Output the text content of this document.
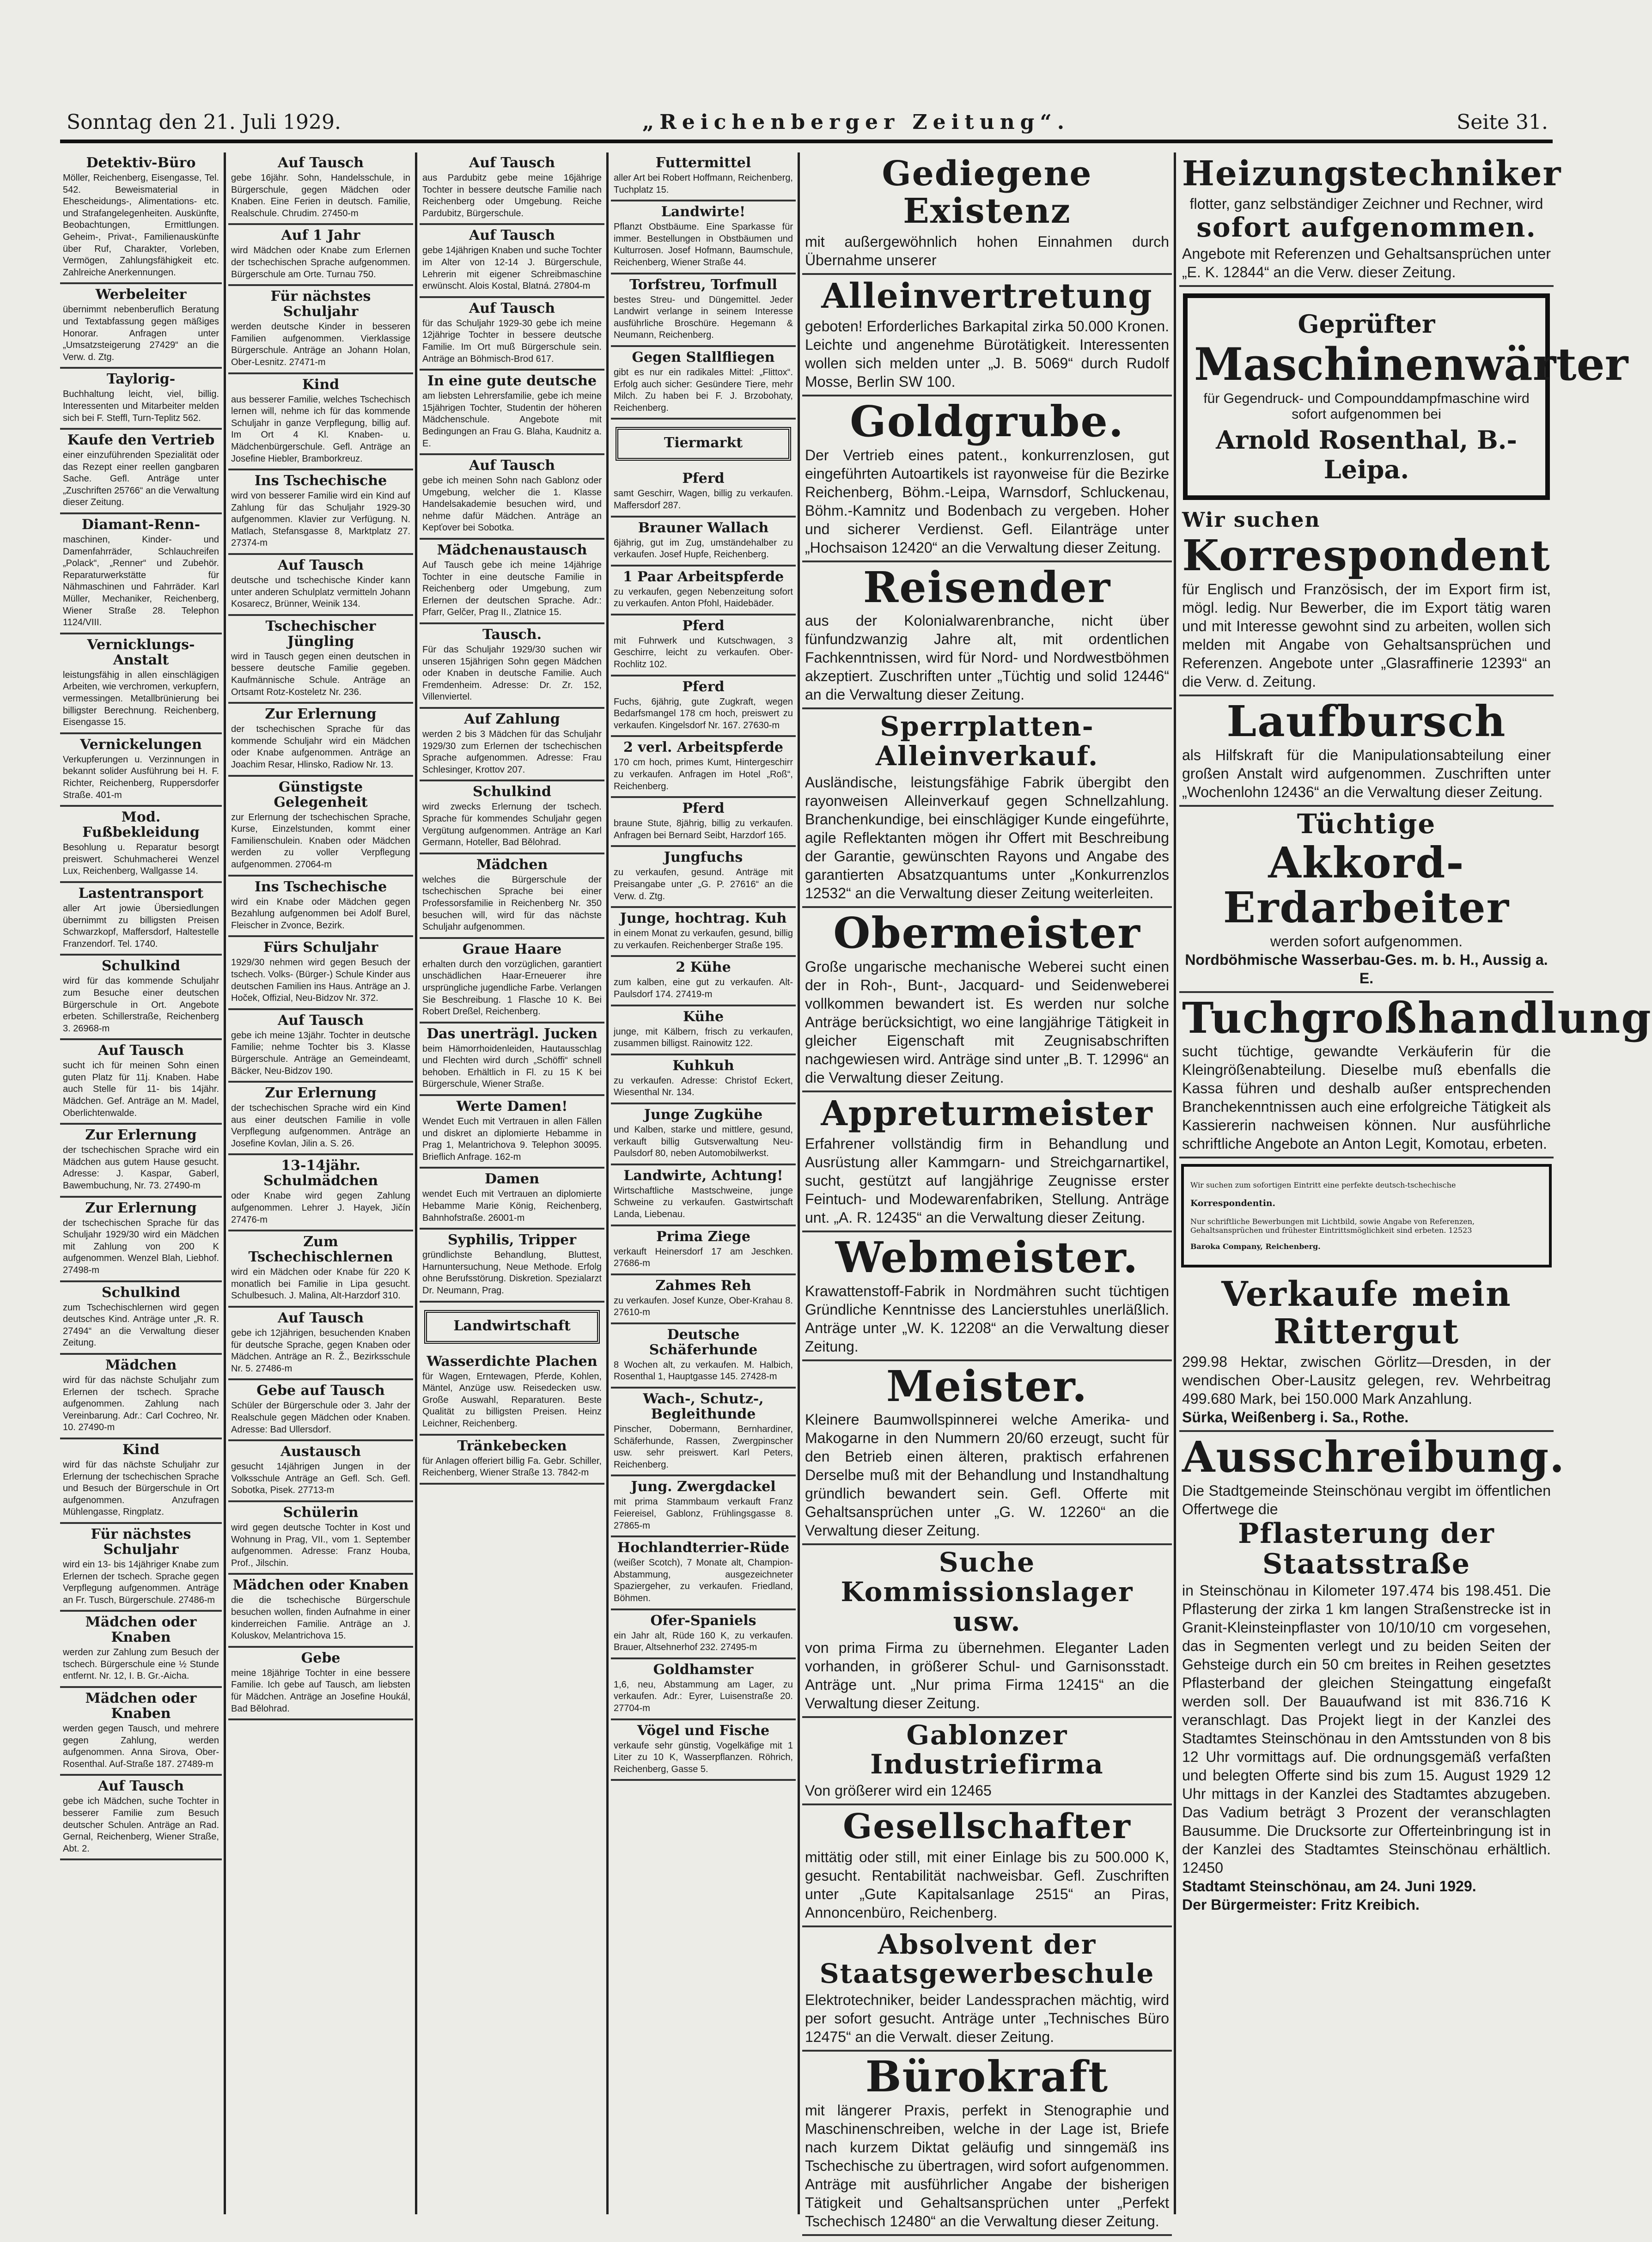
Sonntag den 21. Juli 1929.	„Reichenberger Zeitung“.	Seite 31.
Detektiv-Büro

Möller, Reichenberg, Eisengasse, Tel. 542. Beweismaterial in Ehescheidungs-, Alimentations- etc. und Strafangelegenheiten. Auskünfte, Beobachtungen, Ermittlungen. Geheim-, Privat-, Familienauskünfte über Ruf, Charakter, Vorleben, Vermögen, Zahlungsfähigkeit etc. Zahlreiche Anerkennungen.

Werbeleiter

übernimmt nebenberuflich Beratung und Textabfassung gegen mäßiges Honorar. Anfragen unter „Umsatzsteigerung 27429“ an die Verw. d. Ztg.

Taylorig-

Buchhaltung leicht, viel, billig. Interessenten und Mitarbeiter melden sich bei F. Steffl, Turn-Teplitz 562.

Kaufe den Vertrieb

einer einzuführenden Spezialität oder das Rezept einer reellen gangbaren Sache. Gefl. Anträge unter „Zuschriften 25766“ an die Verwaltung dieser Zeitung.

Diamant-Renn-

maschinen, Kinder- und Damenfahrräder, Schlauchreifen „Polack“, „Renner“ und Zubehör. Reparaturwerkstätte für Nähmaschinen und Fahrräder. Karl Müller, Mechaniker, Reichenberg, Wiener Straße 28. Telephon 1124/VIII.

Vernicklungs-Anstalt

leistungsfähig in allen einschlägigen Arbeiten, wie verchromen, verkupfern, vermessingen. Metallbrünierung bei billigster Berechnung. Reichenberg, Eisengasse 15.

Vernickelungen

Verkupferungen u. Verzinnungen in bekannt solider Ausführung bei H. F. Richter, Reichenberg, Ruppersdorfer Straße. 401-m

Mod. Fußbekleidung

Besohlung u. Reparatur besorgt preiswert. Schuhmacherei Wenzel Lux, Reichenberg, Wallgasse 14.

Lastentransport

aller Art jowie Übersiedlungen übernimmt zu billigsten Preisen Schwarzkopf, Maffersdorf, Haltestelle Franzendorf. Tel. 1740.

Schulkind

wird für das kommende Schuljahr zum Besuche einer deutschen Bürgerschule in Ort. Angebote erbeten. Schillerstraße, Reichenberg 3. 26968-m

Auf Tausch

sucht ich für meinen Sohn einen guten Platz für 11j. Knaben. Habe auch Stelle für 11- bis 14jähr. Mädchen. Gef. Anträge an M. Madel, Oberlichtenwalde.

Zur Erlernung

der tschechischen Sprache wird ein Mädchen aus gutem Hause gesucht. Adresse: J. Kaspar, Gaberl, Bawembuchung, Nr. 73. 27490-m

Zur Erlernung

der tschechischen Sprache für das Schuljahr 1929/30 wird ein Mädchen mit Zahlung von 200 K aufgenommen. Wenzel Blah, Liebhof. 27498-m

Schulkind

zum Tschechischlernen wird gegen deutsches Kind. Anträge unter „R. R. 27494“ an die Verwaltung dieser Zeitung.

Mädchen

wird für das nächste Schuljahr zum Erlernen der tschech. Sprache aufgenommen. Zahlung nach Vereinbarung. Adr.: Carl Cochreo, Nr. 10. 27490-m

Kind

wird für das nächste Schuljahr zur Erlernung der tschechischen Sprache und Besuch der Bürgerschule in Ort aufgenommen. Anzufragen Mühlengasse, Ringplatz.

Für nächstes Schuljahr

wird ein 13- bis 14jähriger Knabe zum Erlernen der tschech. Sprache gegen Verpflegung aufgenommen. Anträge an Fr. Tusch, Bürgerschule. 27486-m

Mädchen oder Knaben

werden zur Zahlung zum Besuch der tschech. Bürgerschule eine ½ Stunde entfernt. Nr. 12, I. B. Gr.-Aicha.

Mädchen oder Knaben

werden gegen Tausch, und mehrere gegen Zahlung, werden aufgenommen. Anna Sirova, Ober-Rosenthal. Auf-Straße 187. 27489-m

Auf Tausch

gebe ich Mädchen, suche Tochter in besserer Familie zum Besuch deutscher Schulen. Anträge an Rad. Gernal, Reichenberg, Wiener Straße, Abt. 2.

Auf Tausch

gebe 16jähr. Sohn, Handelsschule, in Bürgerschule, gegen Mädchen oder Knaben. Eine Ferien in deutsch. Familie, Realschule. Chrudim. 27450-m

Auf 1 Jahr

wird Mädchen oder Knabe zum Erlernen der tschechischen Sprache aufgenommen. Bürgerschule am Orte. Turnau 750.

Für nächstes Schuljahr

werden deutsche Kinder in besseren Familien aufgenommen. Vierklassige Bürgerschule. Anträge an Johann Holan, Ober-Lesnitz. 27471-m

Kind

aus besserer Familie, welches Tschechisch lernen will, nehme ich für das kommende Schuljahr in ganze Verpflegung, billig auf. Im Ort 4 Kl. Knaben- u. Mädchenbürgerschule. Gefl. Anträge an Josefine Hiebler, Bramborkreuz.

Ins Tschechische

wird von besserer Familie wird ein Kind auf Zahlung für das Schuljahr 1929-30 aufgenommen. Klavier zur Verfügung. N. Matlach, Stefansgasse 8, Marktplatz 27. 27374-m

Auf Tausch

deutsche und tschechische Kinder kann unter anderen Schulplatz vermitteln Johann Kosarecz, Brünner, Weinik 134.

Tschechischer Jüngling

wird in Tausch gegen einen deutschen in bessere deutsche Familie gegeben. Kaufmännische Schule. Anträge an Ortsamt Rotz-Kosteletz Nr. 236.

Zur Erlernung

der tschechischen Sprache für das kommende Schuljahr wird ein Mädchen oder Knabe aufgenommen. Anträge an Joachim Resar, Hlinsko, Radiow Nr. 13.

Günstigste Gelegenheit

zur Erlernung der tschechischen Sprache, Kurse, Einzelstunden, kommt einer Familienschulein. Knaben oder Mädchen werden zu voller Verpflegung aufgenommen. 27064-m

Ins Tschechische

wird ein Knabe oder Mädchen gegen Bezahlung aufgenommen bei Adolf Burel, Fleischer in Zvonce, Bezirk.

Fürs Schuljahr

1929/30 nehmen wird gegen Besuch der tschech. Volks- (Bürger-) Schule Kinder aus deutschen Familien ins Haus. Anträge an J. Hoček, Offizial, Neu-Bidzov Nr. 372.

Auf Tausch

gebe ich meine 13jähr. Tochter in deutsche Familie; nehme Tochter bis 3. Klasse Bürgerschule. Anträge an Gemeindeamt, Bäcker, Neu-Bidzov 190.

Zur Erlernung

der tschechischen Sprache wird ein Kind aus einer deutschen Familie in volle Verpflegung aufgenommen. Anträge an Josefine Kovlan, Jilin a. S. 26.

13-14jähr. Schulmädchen

oder Knabe wird gegen Zahlung aufgenommen. Lehrer J. Hayek, Jičín 27476-m

Zum Tschechischlernen

wird ein Mädchen oder Knabe für 220 K monatlich bei Familie in Lipa gesucht. Schulbesuch. J. Malina, Alt-Harzdorf 310.

Auf Tausch

gebe ich 12jährigen, besuchenden Knaben für deutsche Sprache, gegen Knaben oder Mädchen. Anträge an R. Ž., Bezirksschule Nr. 5. 27486-m

Gebe auf Tausch

Schüler der Bürgerschule oder 3. Jahr der Realschule gegen Mädchen oder Knaben. Adresse: Bad Ullersdorf.

Austausch

gesucht 14jährigen Jungen in der Volksschule Anträge an Gefl. Sch. Gefl. Sobotka, Pisek. 27713-m

Schülerin

wird gegen deutsche Tochter in Kost und Wohnung in Prag, VII., vom 1. September aufgenommen. Adresse: Franz Houba, Prof., Jilschin.

Mädchen oder Knaben

die die tschechische Bürgerschule besuchen wollen, finden Aufnahme in einer kinderreichen Familie. Anträge an J. Koluskov, Melantrichova 15.

Gebe

meine 18jährige Tochter in eine bessere Familie. Ich gebe auf Tausch, am liebsten für Mädchen. Anträge an Josefine Houkál, Bad Bělohrad.

Auf Tausch

aus Pardubitz gebe meine 16jährige Tochter in bessere deutsche Familie nach Reichenberg oder Umgebung. Reiche Pardubitz, Bürgerschule.

Auf Tausch

gebe 14jährigen Knaben und suche Tochter im Alter von 12-14 J. Bürgerschule, Lehrerin mit eigener Schreibmaschine erwünscht. Alois Kostal, Blatná. 27804-m

Auf Tausch

für das Schuljahr 1929-30 gebe ich meine 12jährige Tochter in bessere deutsche Familie. Im Ort muß Bürgerschule sein. Anträge an Böhmisch-Brod 617.

In eine gute deutsche

am liebsten Lehrersfamilie, gebe ich meine 15jährigen Tochter, Studentin der höheren Mädchenschule. Angebote mit Bedingungen an Frau G. Blaha, Kaudnitz a. E.

Auf Tausch

gebe ich meinen Sohn nach Gablonz oder Umgebung, welcher die 1. Klasse Handelsakademie besuchen wird, und nehme dafür Mädchen. Anträge an Kepťover bei Sobotka.

Mädchenaustausch

Auf Tausch gebe ich meine 14jährige Tochter in eine deutsche Familie in Reichenberg oder Umgebung, zum Erlernen der deutschen Sprache. Adr.: Pfarr, Gelčer, Prag II., Zlatnice 15.

Tausch.

Für das Schuljahr 1929/30 suchen wir unseren 15jährigen Sohn gegen Mädchen oder Knaben in deutsche Familie. Auch Fremdenheim. Adresse: Dr. Zr. 152, Villenviertel.

Auf Zahlung

werden 2 bis 3 Mädchen für das Schuljahr 1929/30 zum Erlernen der tschechischen Sprache aufgenommen. Adresse: Frau Schlesinger, Krottov 207.

Schulkind

wird zwecks Erlernung der tschech. Sprache für kommendes Schuljahr gegen Vergütung aufgenommen. Anträge an Karl Germann, Hoteller, Bad Bělohrad.

Mädchen

welches die Bürgerschule der tschechischen Sprache bei einer Professorsfamilie in Reichenberg Nr. 350 besuchen will, wird für das nächste Schuljahr aufgenommen.

Graue Haare

erhalten durch den vorzüglichen, garantiert unschädlichen Haar-Erneuerer ihre ursprüngliche jugendliche Farbe. Verlangen Sie Beschreibung. 1 Flasche 10 K. Bei Robert Dreßel, Reichenberg.

Das unerträgl. Jucken

beim Hämorrhoidenleiden, Hautausschlag und Flechten wird durch „Schöffi“ schnell behoben. Erhältlich in Fl. zu 15 K bei Bürgerschule, Wiener Straße.

Werte Damen!

Wendet Euch mit Vertrauen in allen Fällen und diskret an diplomierte Hebamme in Prag 1, Melantrichova 9. Telephon 30095. Brieflich Anfrage. 162-m

Damen

wendet Euch mit Vertrauen an diplomierte Hebamme Marie König, Reichenberg, Bahnhofstraße. 26001-m

Syphilis, Tripper

gründlichste Behandlung, Bluttest, Harnuntersuchung, Neue Methode. Erfolg ohne Berufsstörung. Diskretion. Spezialarzt Dr. Neumann, Prag.

Landwirtschaft
Wasserdichte Plachen

für Wagen, Erntewagen, Pferde, Kohlen, Mäntel, Anzüge usw. Reisedecken usw. Große Auswahl, Reparaturen. Beste Qualität zu billigsten Preisen. Heinz Leichner, Reichenberg.

Tränkebecken

für Anlagen offeriert billig Fa. Gebr. Schiller, Reichenberg, Wiener Straße 13. 7842-m

Futtermittel

aller Art bei Robert Hoffmann, Reichenberg, Tuchplatz 15.

Landwirte!

Pflanzt Obstbäume. Eine Sparkasse für immer. Bestellungen in Obstbäumen und Kulturrosen. Josef Hofmann, Baumschule, Reichenberg, Wiener Straße 44.

Torfstreu, Torfmull

bestes Streu- und Düngemittel. Jeder Landwirt verlange in seinem Interesse ausführliche Broschüre. Hegemann & Neumann, Reichenberg.

Gegen Stallfliegen

gibt es nur ein radikales Mittel: „Flittox“. Erfolg auch sicher: Gesündere Tiere, mehr Milch. Zu haben bei F. J. Brzobohaty, Reichenberg.

Tiermarkt
Pferd

samt Geschirr, Wagen, billig zu verkaufen. Maffersdorf 287.

Brauner Wallach

6jährig, gut im Zug, umständehalber zu verkaufen. Josef Hupfe, Reichenberg.

1 Paar Arbeitspferde

zu verkaufen, gegen Nebenzeitung sofort zu verkaufen. Anton Pfohl, Haidebäder.

Pferd

mit Fuhrwerk und Kutschwagen, 3 Geschirre, leicht zu verkaufen. Ober-Rochlitz 102.

Pferd

Fuchs, 6jährig, gute Zugkraft, wegen Bedarfsmangel 178 cm hoch, preiswert zu verkaufen. Kingelsdorf Nr. 167. 27630-m

2 verl. Arbeitspferde

170 cm hoch, primes Kumt, Hintergeschirr zu verkaufen. Anfragen im Hotel „Roß“, Reichenberg.

Pferd

braune Stute, 8jährig, billig zu verkaufen. Anfragen bei Bernard Seibt, Harzdorf 165.

Jungfuchs

zu verkaufen, gesund. Anträge mit Preisangabe unter „G. P. 27616“ an die Verw. d. Ztg.

Junge, hochtrag. Kuh

in einem Monat zu verkaufen, gesund, billig zu verkaufen. Reichenberger Straße 195.

2 Kühe

zum kalben, eine gut zu verkaufen. Alt-Paulsdorf 174. 27419-m

Kühe

junge, mit Kälbern, frisch zu verkaufen, zusammen billigst. Rainowitz 122.

Kuhkuh

zu verkaufen. Adresse: Christof Eckert, Wiesenthal Nr. 134.

Junge Zugkühe

und Kalben, starke und mittlere, gesund, verkauft billig Gutsverwaltung Neu-Paulsdorf 80, neben Automobilwerkst.

Landwirte, Achtung!

Wirtschaftliche Mastschweine, junge Schweine zu verkaufen. Gastwirtschaft Landa, Liebenau.

Prima Ziege

verkauft Heinersdorf 17 am Jeschken. 27686-m

Zahmes Reh

zu verkaufen. Josef Kunze, Ober-Krahau 8. 27610-m

Deutsche Schäferhunde

8 Wochen alt, zu verkaufen. M. Halbich, Rosenthal 1, Hauptgasse 145. 27428-m

Wach-, Schutz-, Begleithunde

Pinscher, Dobermann, Bernhardiner, Schäferhunde, Rassen, Zwergpinscher usw. sehr preiswert. Karl Peters, Reichenberg.

Jung. Zwergdackel

mit prima Stammbaum verkauft Franz Feiereisel, Gablonz, Frühlingsgasse 8. 27865-m

Hochlandterrier-Rüde

(weißer Scotch), 7 Monate alt, Champion-Abstammung, ausgezeichneter Spaziergeher, zu verkaufen. Friedland, Böhmen.

Ofer-Spaniels

ein Jahr alt, Rüde 160 K, zu verkaufen. Brauer, Altsehnerhof 232. 27495-m

Goldhamster

1,6, neu, Abstammung am Lager, zu verkaufen. Adr.: Eyrer, Luisenstraße 20. 27704-m

Vögel und Fische

verkaufe sehr günstig, Vogelkäfige mit 1 Liter zu 10 K, Wasserpflanzen. Röhrich, Reichenberg, Gasse 5.

Gediegene Existenz

mit außergewöhnlich hohen Einnahmen durch Übernahme unserer

Alleinvertretung

geboten! Erforderliches Barkapital zirka 50.000 Kronen. Leichte und angenehme Bürotätigkeit. Interessenten wollen sich melden unter „J. B. 5069“ durch Rudolf Mosse, Berlin SW 100.

Goldgrube.

Der Vertrieb eines patent., konkurrenzlosen, gut eingeführten Autoartikels ist rayonweise für die Bezirke Reichenberg, Böhm.-Leipa, Warnsdorf, Schluckenau, Böhm.-Kamnitz und Bodenbach zu vergeben. Hoher und sicherer Verdienst. Gefl. Eilanträge unter „Hochsaison 12420“ an die Verwaltung dieser Zeitung.

Reisender

aus der Kolonialwarenbranche, nicht über fünfundzwanzig Jahre alt, mit ordentlichen Fachkenntnissen, wird für Nord- und Nordwestböhmen akzeptiert. Zuschriften unter „Tüchtig und solid 12446“ an die Verwaltung dieser Zeitung.

Sperrplatten-Alleinverkauf.

Ausländische, leistungsfähige Fabrik übergibt den rayonweisen Alleinverkauf gegen Schnellzahlung. Branchenkundige, bei einschlägiger Kunde eingeführte, agile Reflektanten mögen ihr Offert mit Beschreibung der Garantie, gewünschten Rayons und Angabe des garantierten Absatzquantums unter „Konkurrenzlos 12532“ an die Verwaltung dieser Zeitung weiterleiten.

Obermeister

Große ungarische mechanische Weberei sucht einen der in Roh-, Bunt-, Jacquard- und Seidenweberei vollkommen bewandert ist. Es werden nur solche Anträge berücksichtigt, wo eine langjährige Tätigkeit in gleicher Eigenschaft mit Zeugnisabschriften nachgewiesen wird. Anträge sind unter „B. T. 12996“ an die Verwaltung dieser Zeitung.

Appreturmeister

Erfahrener vollständig firm in Behandlung und Ausrüstung aller Kammgarn- und Streichgarnartikel, sucht, gestützt auf langjährige Zeugnisse erster Feintuch- und Modewarenfabriken, Stellung. Anträge unt. „A. R. 12435“ an die Verwaltung dieser Zeitung.

Webmeister.

Krawattenstoff-Fabrik in Nordmähren sucht tüchtigen Gründliche Kenntnisse des Lancierstuhles unerläßlich. Anträge unter „W. K. 12208“ an die Verwaltung dieser Zeitung.

Meister.

Kleinere Baumwollspinnerei welche Amerika- und Makogarne in den Nummern 20/60 erzeugt, sucht für den Betrieb einen älteren, praktisch erfahrenen Derselbe muß mit der Behandlung und Instandhaltung gründlich bewandert sein. Gefl. Offerte mit Gehaltsansprüchen unter „G. W. 12260“ an die Verwaltung dieser Zeitung.

Suche Kommissionslager usw.

von prima Firma zu übernehmen. Eleganter Laden vorhanden, in größerer Schul- und Garnisonsstadt. Anträge unt. „Nur prima Firma 12415“ an die Verwaltung dieser Zeitung.

Gablonzer Industriefirma

Von größerer wird ein 12465

Gesellschafter

mittätig oder still, mit einer Einlage bis zu 500.000 K, gesucht. Rentabilität nachweisbar. Gefl. Zuschriften unter „Gute Kapitalsanlage 2515“ an Piras, Annoncenbüro, Reichenberg.

Absolvent der Staatsgewerbeschule

Elektrotechniker, beider Landessprachen mächtig, wird per sofort gesucht. Anträge unter „Technisches Büro 12475“ an die Verwalt. dieser Zeitung.

Bürokraft

mit längerer Praxis, perfekt in Stenographie und Maschinenschreiben, welche in der Lage ist, Briefe nach kurzem Diktat geläufig und sinngemäß ins Tschechische zu übertragen, wird sofort aufgenommen. Anträge mit ausführlicher Angabe der bisherigen Tätigkeit und Gehaltsansprüchen unter „Perfekt Tschechisch 12480“ an die Verwaltung dieser Zeitung.

Heizungstechniker

flotter, ganz selbständiger Zeichner und Rechner, wird

sofort aufgenommen.

Angebote mit Referenzen und Gehaltsansprüchen unter „E. K. 12844“ an die Verw. dieser Zeitung.

Geprüfter
Maschinenwärter

für Gegendruck- und Compounddampfmaschine wird sofort aufgenommen bei

Arnold Rosenthal, B.-Leipa.
Wir suchen
Korrespondent

für Englisch und Französisch, der im Export firm ist, mögl. ledig. Nur Bewerber, die im Export tätig waren und mit Interesse gewohnt sind zu arbeiten, wollen sich melden mit Angabe von Gehaltsansprüchen und Referenzen. Angebote unter „Glasraffinerie 12393“ an die Verw. d. Zeitung.

Laufbursch

als Hilfskraft für die Manipulationsabteilung einer großen Anstalt wird aufgenommen. Zuschriften unter „Wochenlohn 12436“ an die Verwaltung dieser Zeitung.

Tüchtige
Akkord-Erdarbeiter

werden sofort aufgenommen.

Nordböhmische Wasserbau-Ges. m. b. H., Aussig a. E.

Tuchgroßhandlung

sucht tüchtige, gewandte Verkäuferin für die Kleingrößenabteilung. Dieselbe muß ebenfalls die Kassa führen und deshalb außer entsprechenden Branchekenntnissen auch eine erfolgreiche Tätigkeit als Kassiererin nachweisen können. Nur ausführliche schriftliche Angebote an Anton Legit, Komotau, erbeten.

Wir suchen zum sofortigen Eintritt eine perfekte deutsch-tschechische

Korrespondentin.

Nur schriftliche Bewerbungen mit Lichtbild, sowie Angabe von Referenzen, Gehaltsansprüchen und frühester Eintrittsmöglichkeit sind erbeten. 12523

Baroka Company, Reichenberg.

Verkaufe mein Rittergut

299.98 Hektar, zwischen Görlitz—Dresden, in der wendischen Ober-Lausitz gelegen, rev. Wehrbeitrag 499.680 Mark, bei 150.000 Mark Anzahlung.

Sürka, Weißenberg i. Sa., Rothe.

Ausschreibung.

Die Stadtgemeinde Steinschönau vergibt im öffentlichen Offertwege die

Pflasterung der Staatsstraße

in Steinschönau in Kilometer 197.474 bis 198.451. Die Pflasterung der zirka 1 km langen Straßenstrecke ist in Granit-Kleinsteinpflaster von 10/10/10 cm vorgesehen, das in Segmenten verlegt und zu beiden Seiten der Gehsteige durch ein 50 cm breites in Reihen gesetztes Pflasterband der gleichen Steingattung eingefaßt werden soll. Der Bauaufwand ist mit 836.716 K veranschlagt. Das Projekt liegt in der Kanzlei des Stadtamtes Steinschönau in den Amtsstunden von 8 bis 12 Uhr vormittags auf. Die ordnungsgemäß verfaßten und belegten Offerte sind bis zum 15. August 1929 12 Uhr mittags in der Kanzlei des Stadtamtes abzugeben. Das Vadium beträgt 3 Prozent der veranschlagten Bausumme. Die Drucksorte zur Offerteinbringung ist in der Kanzlei des Stadtamtes Steinschönau erhältlich. 12450

Stadtamt Steinschönau, am 24. Juni 1929.

Der Bürgermeister: Fritz Kreibich.
